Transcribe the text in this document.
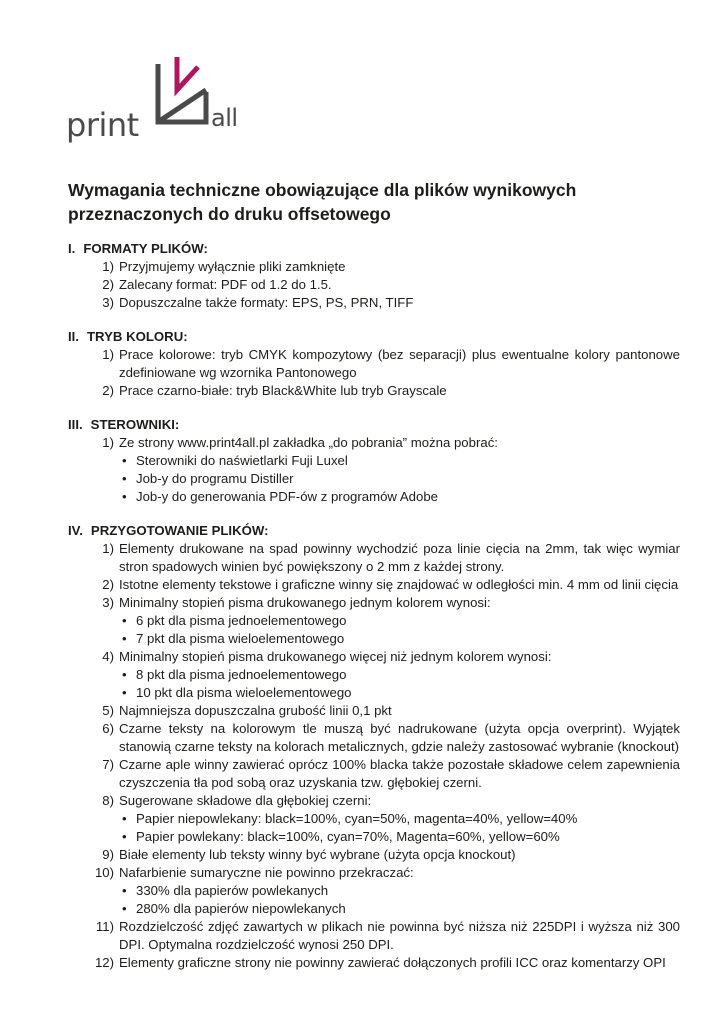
print	all
Wymagania techniczne obowiązujące dla plików wynikowych
przeznaczonych do druku offsetowego
I. FORMATY PLIKÓW:
1) Przyjmujemy wyłącznie pliki zamknięte
2) Zalecany format: PDF od 1.2 do 1.5.
3) Dopuszczalne także formaty: EPS, PS, PRN, TIFF
II. TRYB KOLORU:
1) Prace kolorowe: tryb CMYK kompozytowy (bez separacji) plus ewentualne kolory pantonowe zdefiniowane wg wzornika Pantonowego
2) Prace czarno-białe: tryb Black&White lub tryb Grayscale
III. STEROWNIKI:
1) Ze strony www.print4all.pl zakładka „do pobrania” można pobrać:
• Sterowniki do naświetlarki Fuji Luxel
• Job-y do programu Distiller
• Job-y do generowania PDF-ów z programów Adobe
IV. PRZYGOTOWANIE PLIKÓW:
1) Elementy drukowane na spad powinny wychodzić poza linie cięcia na 2mm, tak więc wymiar stron spadowych winien być powiększony o 2 mm z każdej strony.
2) Istotne elementy tekstowe i graficzne winny się znajdować w odległości min. 4 mm od linii cięcia
3) Minimalny stopień pisma drukowanego jednym kolorem wynosi:
• 6 pkt dla pisma jednoelementowego
• 7 pkt dla pisma wieloelementowego
4) Minimalny stopień pisma drukowanego więcej niż jednym kolorem wynosi:
• 8 pkt dla pisma jednoelementowego
• 10 pkt dla pisma wieloelementowego
5) Najmniejsza dopuszczalna grubość linii 0,1 pkt
6) Czarne teksty na kolorowym tle muszą być nadrukowane (użyta opcja overprint). Wyjątek stanowią czarne teksty na kolorach metalicznych, gdzie należy zastosować wybranie (knockout)
7) Czarne aple winny zawierać oprócz 100% blacka także pozostałe składowe celem zapewnienia czyszczenia tła pod sobą oraz uzyskania tzw. głębokiej czerni.
8) Sugerowane składowe dla głębokiej czerni:
• Papier niepowlekany: black=100%, cyan=50%, magenta=40%, yellow=40%
• Papier powlekany: black=100%, cyan=70%, Magenta=60%, yellow=60%
9) Białe elementy lub teksty winny być wybrane (użyta opcja knockout)
10) Nafarbienie sumaryczne nie powinno przekraczać:
• 330% dla papierów powlekanych
• 280% dla papierów niepowlekanych
11) Rozdzielczość zdjęć zawartych w plikach nie powinna być niższa niż 225DPI i wyższa niż 300 DPI. Optymalna rozdzielczość wynosi 250 DPI.
12) Elementy graficzne strony nie powinny zawierać dołączonych profili ICC oraz komentarzy OPI
